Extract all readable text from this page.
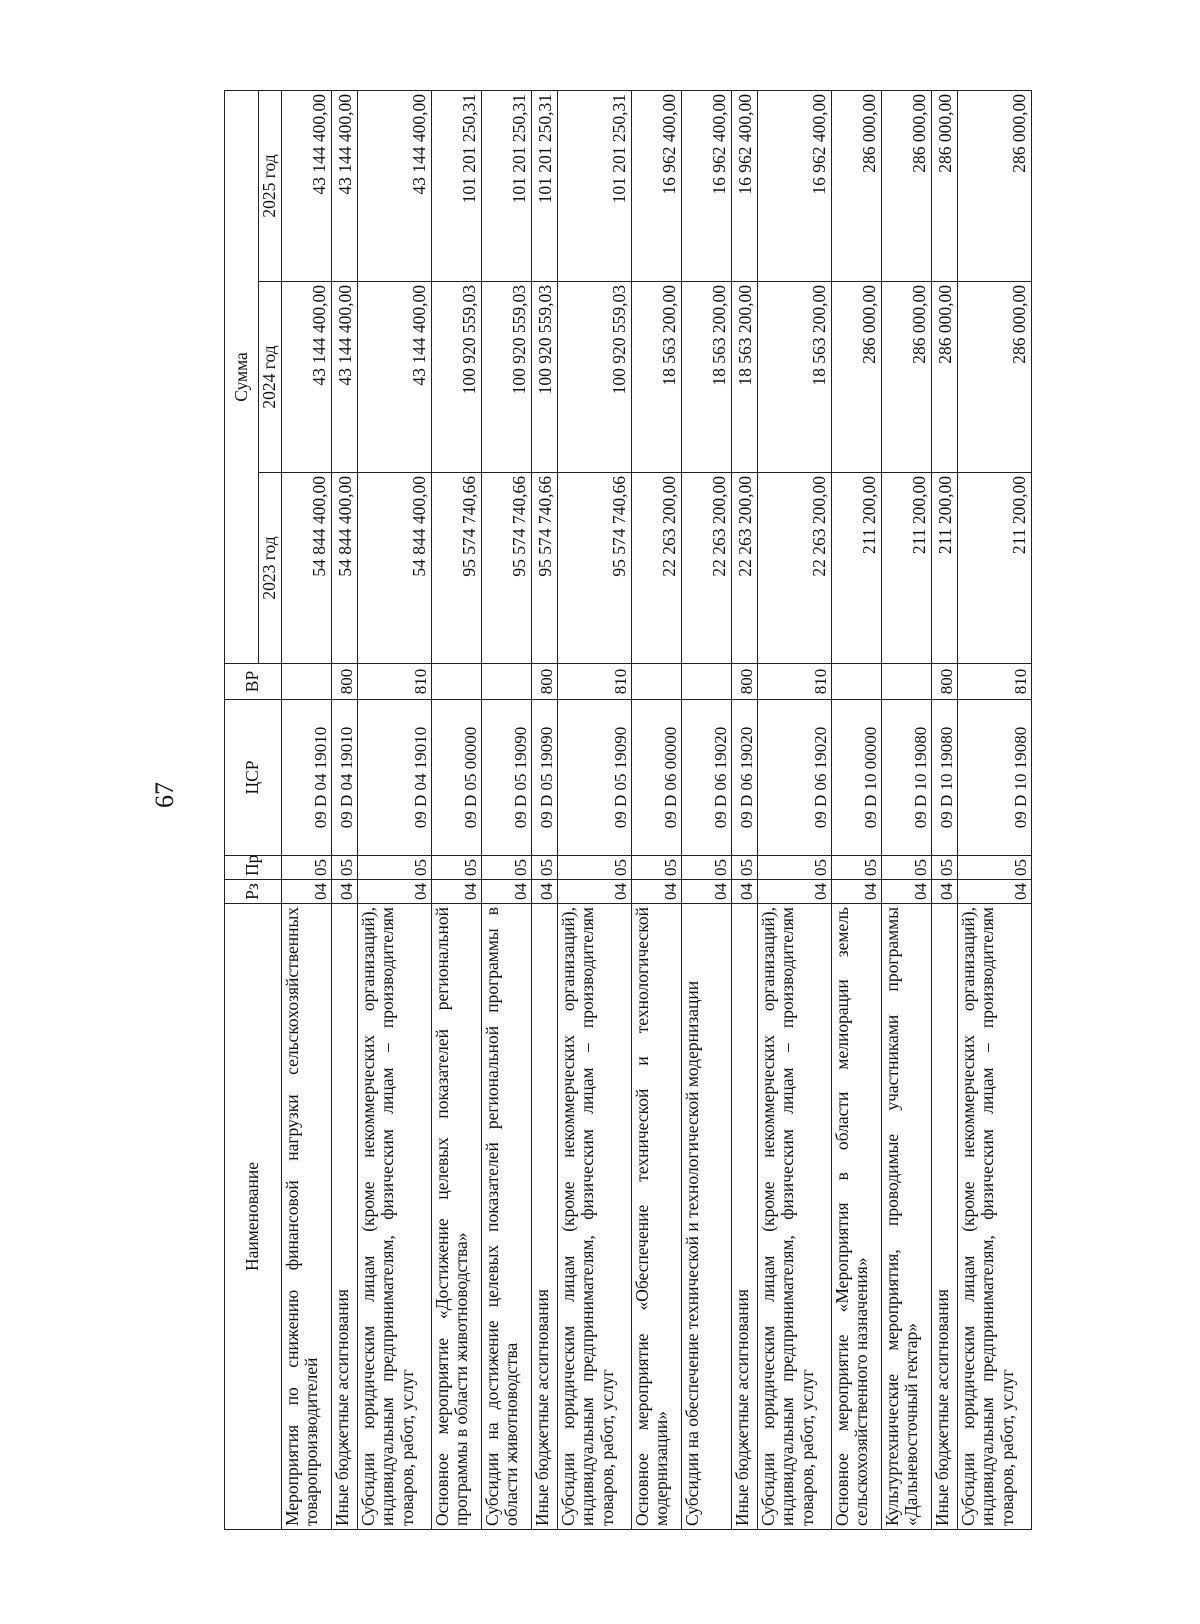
67
Наименование	Рз	Пр	ЦСР	ВР	Сумма		
					2023 год	2024 год	2025 год
Мероприятия по снижению финансовой нагрузки сельскохозяйственных товаропроизводителей	04	05	09 D 04 19010		54 844 400,00	43 144 400,00	43 144 400,00
Иные бюджетные ассигнования	04	05	09 D 04 19010	800	54 844 400,00	43 144 400,00	43 144 400,00
Субсидии юридическим лицам (кроме некоммерческих организаций), индивидуальным предпринимателям, физическим лицам – производителям товаров, работ, услуг	04	05	09 D 04 19010	810	54 844 400,00	43 144 400,00	43 144 400,00
Основное мероприятие «Достижение целевых показателей региональной программы в области животноводства»	04	05	09 D 05 00000		95 574 740,66	100 920 559,03	101 201 250,31
Субсидии на достижение целевых показателей региональной программы в области животноводства	04	05	09 D 05 19090		95 574 740,66	100 920 559,03	101 201 250,31
Иные бюджетные ассигнования	04	05	09 D 05 19090	800	95 574 740,66	100 920 559,03	101 201 250,31
Субсидии юридическим лицам (кроме некоммерческих организаций), индивидуальным предпринимателям, физическим лицам – производителям товаров, работ, услуг	04	05	09 D 05 19090	810	95 574 740,66	100 920 559,03	101 201 250,31
Основное мероприятие «Обеспечение технической и технологической модернизации»	04	05	09 D 06 00000		22 263 200,00	18 563 200,00	16 962 400,00
Субсидии на обеспечение технической и технологической модернизации	04	05	09 D 06 19020		22 263 200,00	18 563 200,00	16 962 400,00
Иные бюджетные ассигнования	04	05	09 D 06 19020	800	22 263 200,00	18 563 200,00	16 962 400,00
Субсидии юридическим лицам (кроме некоммерческих организаций), индивидуальным предпринимателям, физическим лицам – производителям товаров, работ, услуг	04	05	09 D 06 19020	810	22 263 200,00	18 563 200,00	16 962 400,00
Основное мероприятие «Мероприятия в области мелиорации земель сельскохозяйственного назначения»	04	05	09 D 10 00000		211 200,00	286 000,00	286 000,00
Культуртехнические мероприятия, проводимые участниками программы «Дальневосточный гектар»	04	05	09 D 10 19080		211 200,00	286 000,00	286 000,00
Иные бюджетные ассигнования	04	05	09 D 10 19080	800	211 200,00	286 000,00	286 000,00
Субсидии юридическим лицам (кроме некоммерческих организаций), индивидуальным предпринимателям, физическим лицам – производителям товаров, работ, услуг	04	05	09 D 10 19080	810	211 200,00	286 000,00	286 000,00
